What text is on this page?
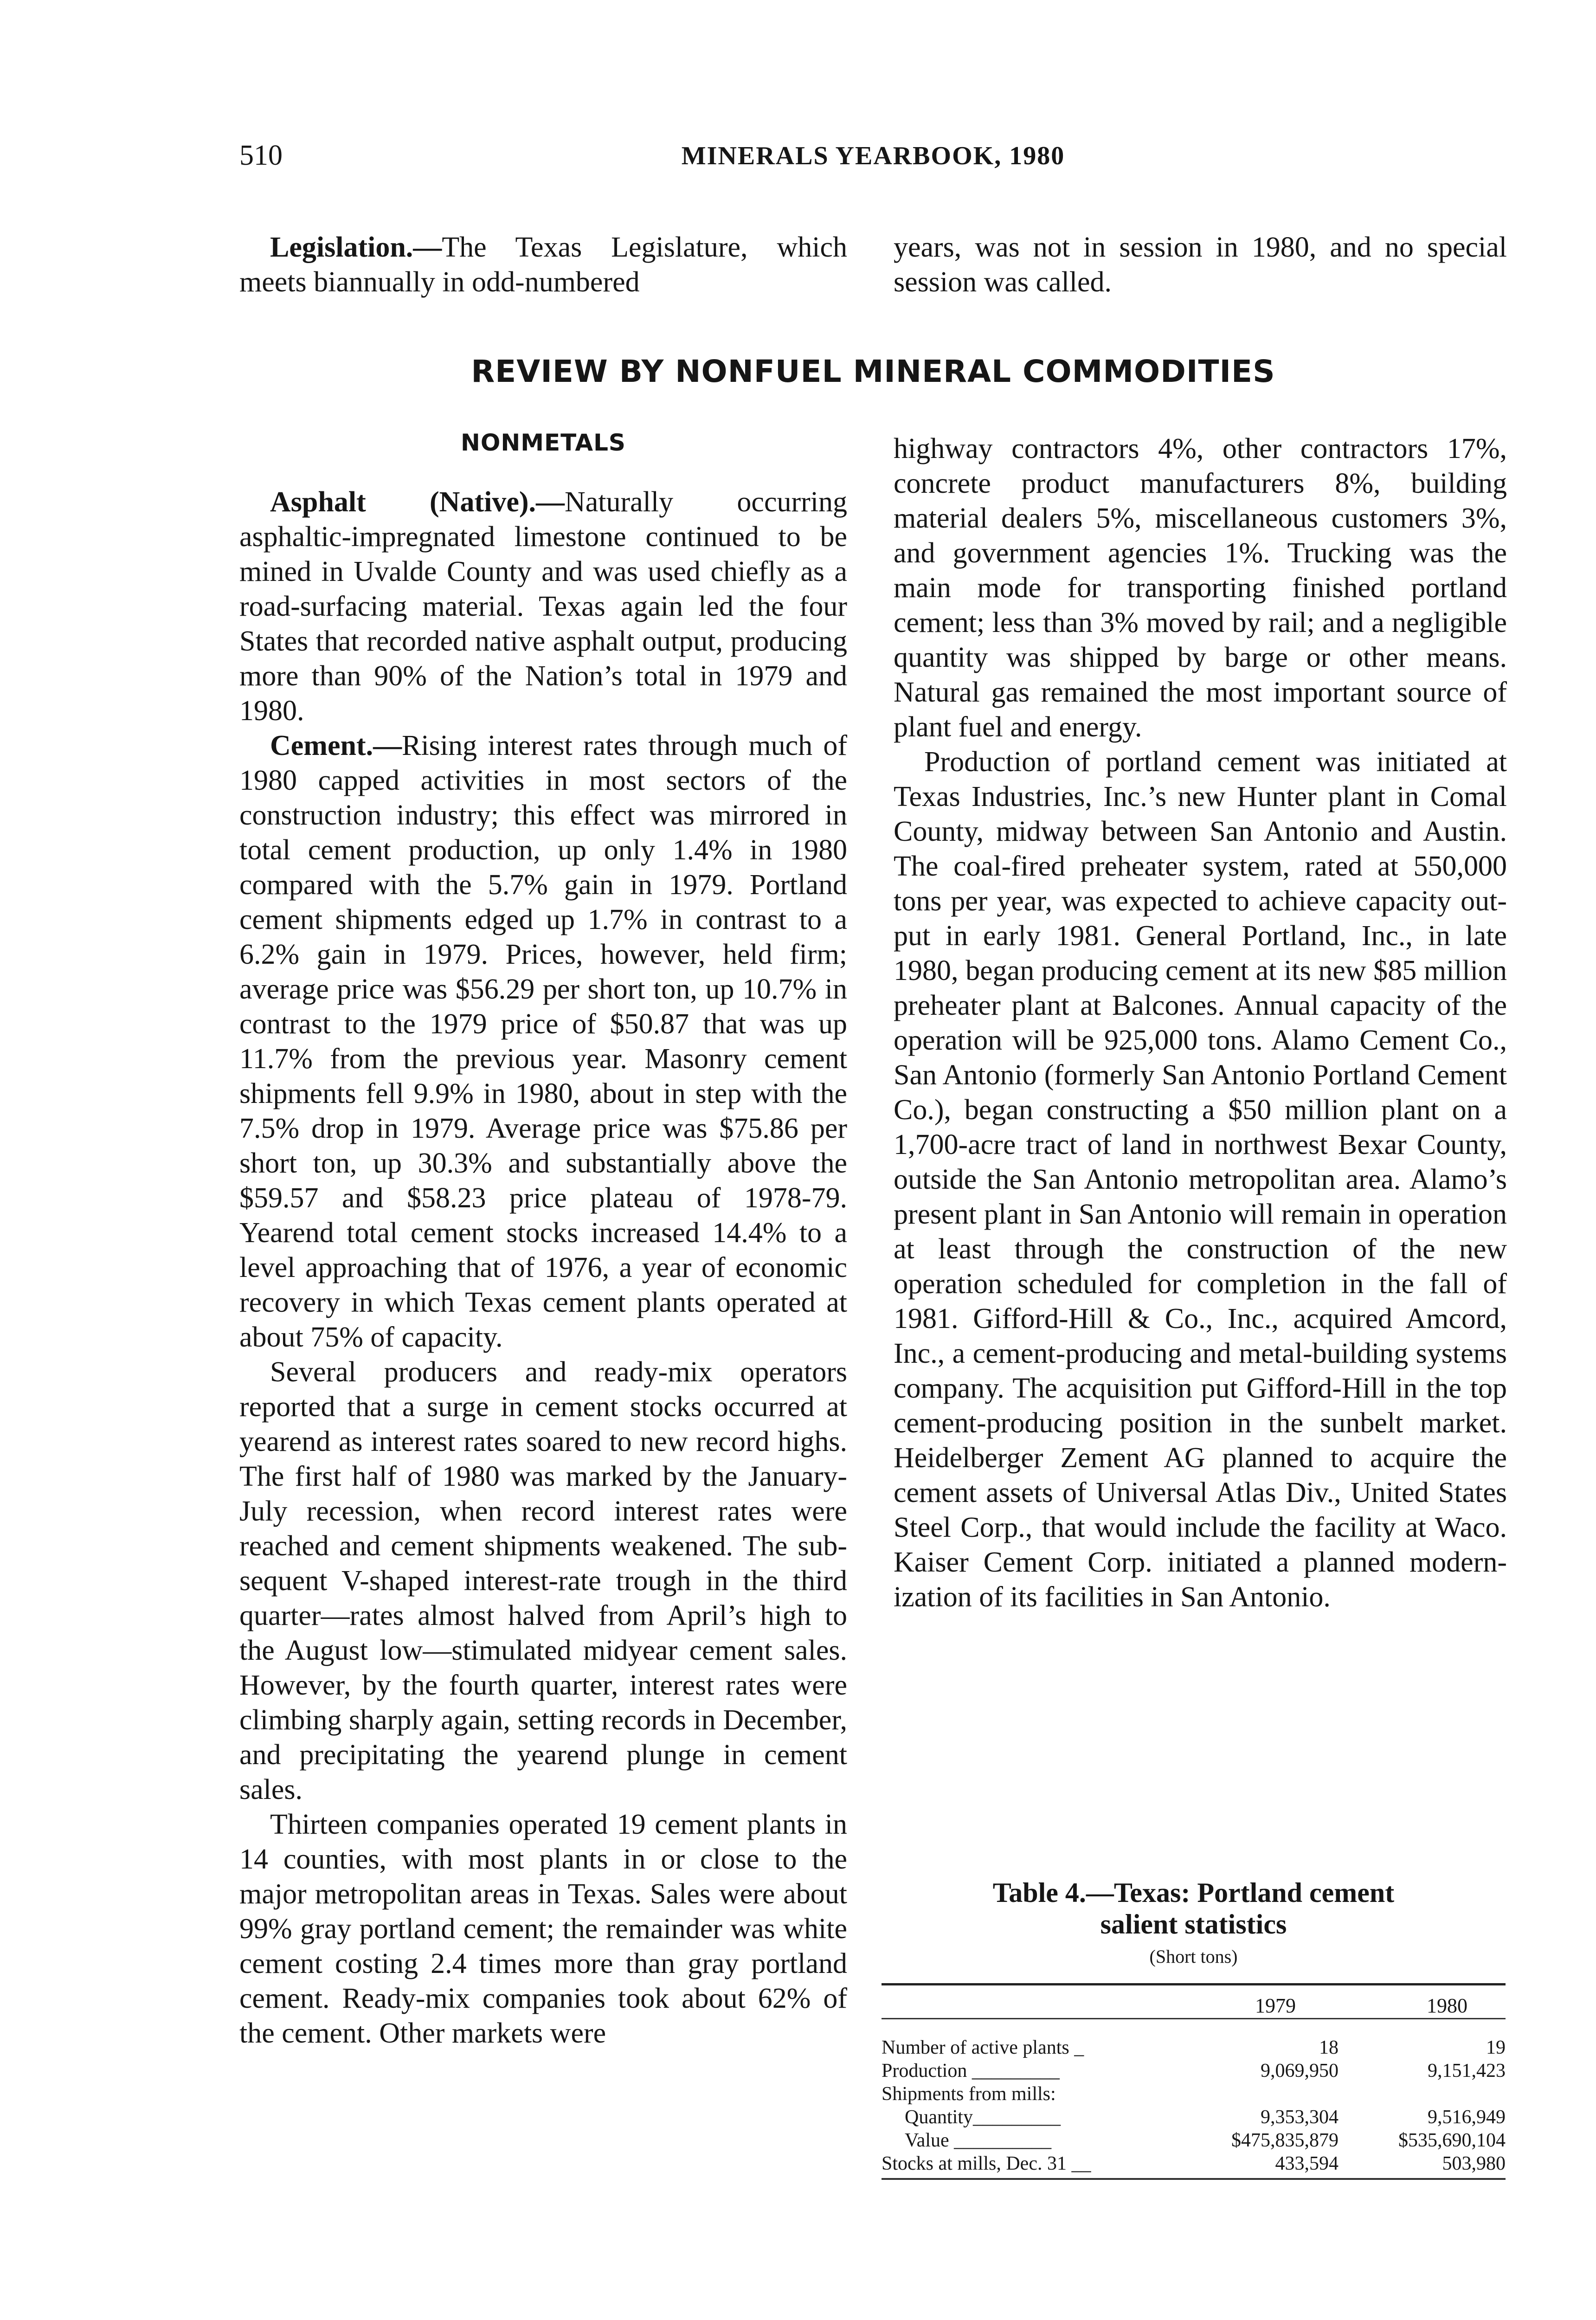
510	MINERALS YEARBOOK, 1980

Legislation.—The Texas Legislature, which meets biannually in odd-numbered

years, was not in session in 1980, and no special session was called.

REVIEW BY NONFUEL MINERAL COMMODITIES
NONMETALS

Asphalt (Native).—Naturally occurring asphaltic-impregnated limestone continued to be mined in Uvalde County and was used chiefly as a road-surfacing material. Texas again led the four States that recorded native asphalt output, producing more than 90% of the Nation’s total in 1979 and 1980.

Cement.—Rising interest rates through much of 1980 capped activities in most sectors of the construction industry; this effect was mirrored in total cement production, up only 1.4% in 1980 compared with the 5.7% gain in 1979. Portland cement shipments edged up 1.7% in contrast to a 6.2% gain in 1979. Prices, however, held firm; average price was $56.29 per short ton, up 10.7% in contrast to the 1979 price of $50.87 that was up 11.7% from the previous year. Masonry cement shipments fell 9.9% in 1980, about in step with the 7.5% drop in 1979. Average price was $75.86 per short ton, up 30.3% and substantially above the $59.57 and $58.23 price plateau of 1978-79. Yearend total cement stocks increased 14.4% to a level approaching that of 1976, a year of economic recovery in which Texas cement plants operated at about 75% of capacity.

Several producers and ready-mix operators reported that a surge in cement stocks occurred at yearend as interest rates soared to new record highs. The first half of 1980 was marked by the January-July recession, when record interest rates were reached and cement shipments weakened. The subsequent V-shaped interest-rate trough in the third quarter—rates almost halved from April’s high to the August low—stimulated midyear cement sales. However, by the fourth quarter, interest rates were climbing sharply again, setting records in December, and precipitating the yearend plunge in cement sales.

Thirteen companies operated 19 cement plants in 14 counties, with most plants in or close to the major metropolitan areas in Texas. Sales were about 99% gray portland cement; the remainder was white cement costing 2.4 times more than gray portland cement. Ready-mix companies took about 62% of the cement. Other markets were

highway contractors 4%, other contractors 17%, concrete product manufacturers 8%, building material dealers 5%, miscellaneous customers 3%, and government agencies 1%. Trucking was the main mode for transporting finished portland cement; less than 3% moved by rail; and a negligible quantity was shipped by barge or other means. Natural gas remained the most important source of plant fuel and energy.

Production of portland cement was initiated at Texas Industries, Inc.’s new Hunter plant in Comal County, midway between San Antonio and Austin. The coal-fired preheater system, rated at 550,000 tons per year, was expected to achieve capacity output in early 1981. General Portland, Inc., in late 1980, began producing cement at its new $85 million preheater plant at Balcones. Annual capacity of the operation will be 925,000 tons. Alamo Cement Co., San Antonio (formerly San Antonio Portland Cement Co.), began constructing a $50 million plant on a 1,700-acre tract of land in northwest Bexar County, outside the San Antonio metropolitan area. Alamo’s present plant in San Antonio will remain in operation at least through the construction of the new operation scheduled for completion in the fall of 1981. Gifford-Hill & Co., Inc., acquired Amcord, Inc., a cement-producing and metal-building systems company. The acquisition put Gifford-Hill in the top cement-producing position in the sunbelt market. Heidelberger Zement AG planned to acquire the cement assets of Universal Atlas Div., United States Steel Corp., that would include the facility at Waco. Kaiser Cement Corp. initiated a planned modernization of its facilities in San Antonio.

Table 4.—Texas: Portland cement
salient statistics
(Short tons)
1979	1980
Number of active plants _	18	19
Production _________	9,069,950	9,151,423
Shipments from mills:		
Quantity_________	9,353,304	9,516,949
Value __________	$475,835,879	$535,690,104
Stocks at mills, Dec. 31 __	433,594	503,980
